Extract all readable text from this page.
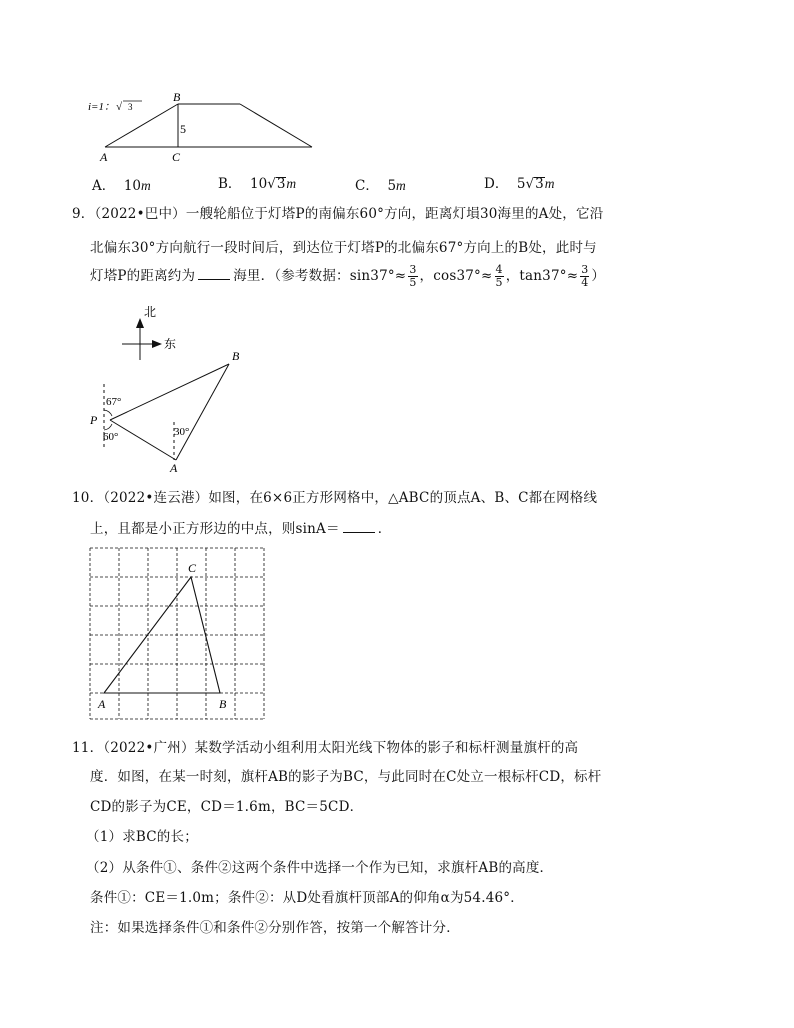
i=1： √ 3
B
5
A	C
A． 10m	B． 10√3m	C． 5m	D． 5√3m
9．（2022•巴中）一艘轮船位于灯塔P的南偏东60°方向，距离灯塤30海里的A处，它沿
北偏东30°方向航行一段时间后，到达位于灯塔P的北偏东67°方向上的B处，此时与
灯塔P的距离约为	海里．（参考数据：$\sin 37^\circ\approx \frac{3}{5}$ ，$\cos 37^\circ\approx \frac{4}{5}$ ，$\tan 37^\circ\approx \frac{3}{4}$ ）
北
东
67°
60°	30°
B
P
A
10．（2022•连云港）如图，在6×6正方形网格中，△ABC的顶点A、B、C都在网格线
上，且都是小正方形边的中点，则sinA＝	．
A	B
C
11．（2022•广州）某数学活动小组利用太阳光线下物体的影子和标杆测量旗杆的高
度．如图，在某一时刻，旗杆AB的影子为BC，与此同时在C处立一根标杆CD，标杆
CD的影子为CE，CD＝1.6m，BC＝5CD．
（1）求BC的长；
（2）从条件①、条件②这两个条件中选择一个作为已知，求旗杆AB的高度．
条件①：CE＝1.0m；条件②：从D处看旗杆顶部A的仰角α为54.46°．
注：如果选择条件①和条件②分别作答，按第一个解答计分．
